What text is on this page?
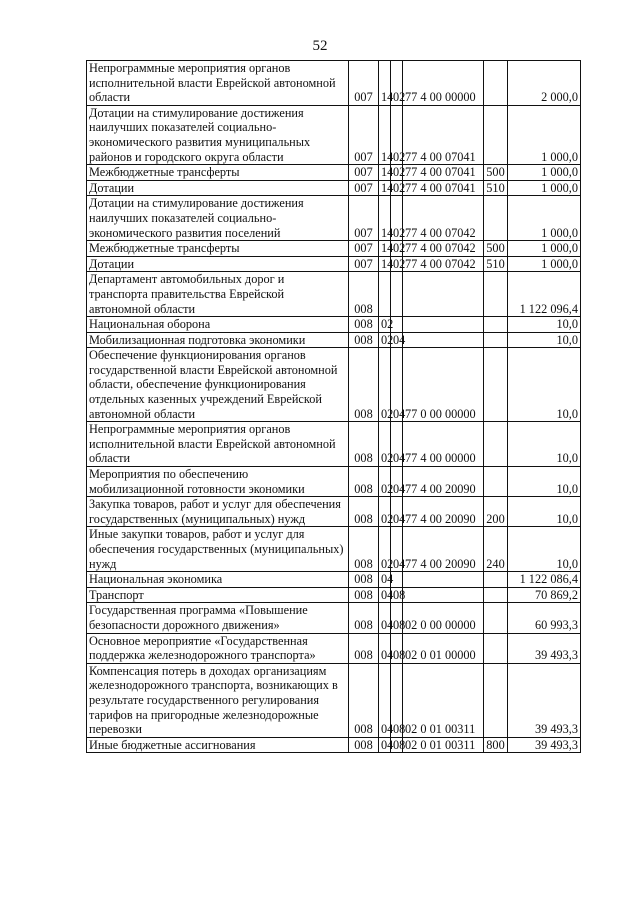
52
Непрограммные мероприятия органов исполнительной власти Еврейской автономной области	007	14	02	77 4 00 00000		2 000,0
Дотации на стимулирование достижения наилучших показателей социально-экономического развития муниципальных районов и городского округа области	007	14	02	77 4 00 07041		1 000,0
Межбюджетные трансферты	007	14	02	77 4 00 07041	500	1 000,0
Дотации	007	14	02	77 4 00 07041	510	1 000,0
Дотации на стимулирование достижения наилучших показателей социально-экономического развития поселений	007	14	02	77 4 00 07042		1 000,0
Межбюджетные трансферты	007	14	02	77 4 00 07042	500	1 000,0
Дотации	007	14	02	77 4 00 07042	510	1 000,0
Департамент автомобильных дорог и транспорта правительства Еврейской автономной области	008					1 122 096,4
Национальная оборона	008	02				10,0
Мобилизационная подготовка экономики	008	02	04			10,0
Обеспечение функционирования органов государственной власти Еврейской автономной области, обеспечение функционирования отдельных казенных учреждений Еврейской автономной области	008	02	04	77 0 00 00000		10,0
Непрограммные мероприятия органов исполнительной власти Еврейской автономной области	008	02	04	77 4 00 00000		10,0
Мероприятия по обеспечению мобилизационной готовности экономики	008	02	04	77 4 00 20090		10,0
Закупка товаров, работ и услуг для обеспечения государственных (муниципальных) нужд	008	02	04	77 4 00 20090	200	10,0
Иные закупки товаров, работ и услуг для обеспечения государственных (муниципальных) нужд	008	02	04	77 4 00 20090	240	10,0
Национальная экономика	008	04				1 122 086,4
Транспорт	008	04	08			70 869,2
Государственная программа «Повышение безопасности дорожного движения»	008	04	08	02 0 00 00000		60 993,3
Основное мероприятие «Государственная поддержка железнодорожного транспорта»	008	04	08	02 0 01 00000		39 493,3
Компенсация потерь в доходах организациям железнодорожного транспорта, возникающих в результате государственного регулирования тарифов на пригородные железнодорожные перевозки	008	04	08	02 0 01 00311		39 493,3
Иные бюджетные ассигнования	008	04	08	02 0 01 00311	800	39 493,3
